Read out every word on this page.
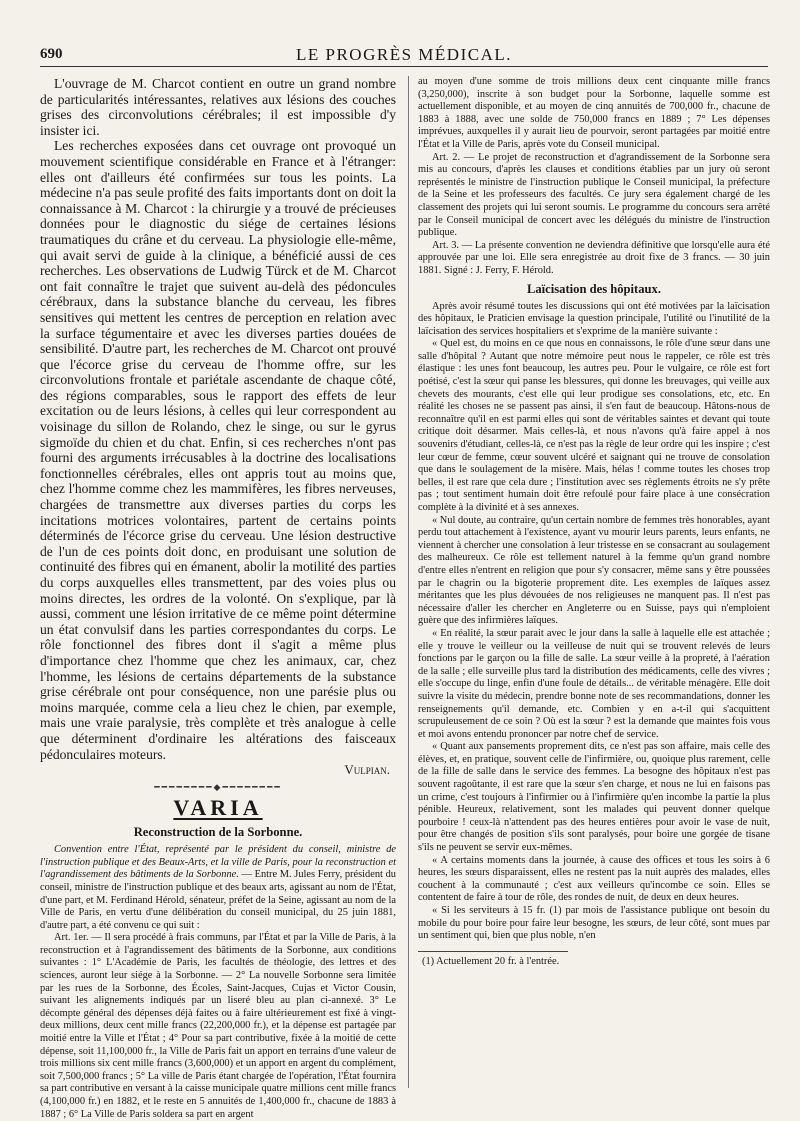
690	LE PROGRÈS MÉDICAL.

L'ouvrage de M. Charcot contient en outre un grand nombre de particularités intéressantes, relatives aux lésions des couches grises des circonvolutions cérébrales; il est impossible d'y insister ici.

Les recherches exposées dans cet ouvrage ont provoqué un mouvement scientifique considérable en France et à l'étranger: elles ont d'ailleurs été confirmées sur tous les points. La médecine n'a pas seule profité des faits importants dont on doit la connaissance à M. Charcot : la chirurgie y a trouvé de précieuses données pour le diagnostic du siége de certaines lésions traumatiques du crâne et du cerveau. La physiologie elle-même, qui avait servi de guide à la clinique, a bénéficié aussi de ces recherches. Les observations de Ludwig Türck et de M. Charcot ont fait connaître le trajet que suivent au-delà des pédoncules cérébraux, dans la substance blanche du cerveau, les fibres sensitives qui mettent les centres de perception en relation avec la surface tégumentaire et avec les diverses parties douées de sensibilité. D'autre part, les recherches de M. Charcot ont prouvé que l'écorce grise du cerveau de l'homme offre, sur les circonvolutions frontale et pariétale ascendante de chaque côté, des régions comparables, sous le rapport des effets de leur excitation ou de leurs lésions, à celles qui leur correspondent au voisinage du sillon de Rolando, chez le singe, ou sur le gyrus sigmoïde du chien et du chat. Enfin, si ces recherches n'ont pas fourni des arguments irrécusables à la doctrine des localisations fonctionnelles cérébrales, elles ont appris tout au moins que, chez l'homme comme chez les mammifères, les fibres nerveuses, chargées de transmettre aux diverses parties du corps les incitations motrices volontaires, partent de certains points déterminés de l'écorce grise du cerveau. Une lésion destructive de l'un de ces points doit donc, en produisant une solution de continuité des fibres qui en émanent, abolir la motilité des parties du corps auxquelles elles transmettent, par des voies plus ou moins directes, les ordres de la volonté. On s'explique, par là aussi, comment une lésion irritative de ce même point détermine un état convulsif dans les parties correspondantes du corps. Le rôle fonctionnel des fibres dont il s'agit a même plus d'importance chez l'homme que chez les animaux, car, chez l'homme, les lésions de certains départements de la substance grise cérébrale ont pour conséquence, non une parésie plus ou moins marquée, comme cela a lieu chez le chien, par exemple, mais une vraie paralysie, très complète et très analogue à celle que déterminent d'ordinaire les altérations des faisceaux pédonculaires moteurs.

Vulpian.

━━━━━━━━◆━━━━━━━━
VARIA
Reconstruction de la Sorbonne.

Convention entre l'État, représenté par le président du conseil, ministre de l'instruction publique et des Beaux-Arts, et la ville de Paris, pour la reconstruction et l'agrandissement des bâtiments de la Sorbonne. — Entre M. Jules Ferry, président du conseil, ministre de l'instruction publique et des beaux arts, agissant au nom de l'État, d'une part, et M. Ferdinand Hérold, sénateur, préfet de la Seine, agissant au nom de la Ville de Paris, en vertu d'une délibération du conseil municipal, du 25 juin 1881, d'autre part, a été convenu ce qui suit :

Art. 1er. — Il sera procédé à frais communs, par l'État et par la Ville de Paris, à la reconstruction et à l'agrandissement des bâtiments de la Sorbonne, aux conditions suivantes : 1° L'Académie de Paris, les facultés de théologie, des lettres et des sciences, auront leur siége à la Sorbonne. — 2° La nouvelle Sorbonne sera limitée par les rues de la Sorbonne, des Écoles, Saint-Jacques, Cujas et Victor Cousin, suivant les alignements indiqués par un liseré bleu au plan ci-annexé. 3° Le décompte général des dépenses déjà faites ou à faire ultérieurement est fixé à vingt-deux millions, deux cent mille francs (22,200,000 fr.), et la dépense est partagée par moitié entre la Ville et l'État ; 4° Pour sa part contributive, fixée à la moitié de cette dépense, soit 11,100,000 fr., la Ville de Paris fait un apport en terrains d'une valeur de trois millions six cent mille francs (3,600,000) et un apport en argent du complément, soit 7,500,000 francs ; 5° La ville de Paris étant chargée de l'opération, l'État fournira sa part contributive en versant à la caisse municipale quatre millions cent mille francs (4,100,000 fr.) en 1882, et le reste en 5 annuités de 1,400,000 fr., chacune de 1883 à 1887 ; 6° La Ville de Paris soldera sa part en argent

au moyen d'une somme de trois millions deux cent cinquante mille francs (3,250,000), inscrite à son budget pour la Sorbonne, laquelle somme est actuellement disponible, et au moyen de cinq annuités de 700,000 fr., chacune de 1883 à 1888, avec une solde de 750,000 francs en 1889 ; 7° Les dépenses imprévues, auxquelles il y aurait lieu de pourvoir, seront partagées par moitié entre l'État et la Ville de Paris, après vote du Conseil municipal.

Art. 2. — Le projet de reconstruction et d'agrandissement de la Sorbonne sera mis au concours, d'après les clauses et conditions établies par un jury où seront représentés le ministre de l'instruction publique le Conseil municipal, la préfecture de la Seine et les professeurs des facultés. Ce jury sera également chargé de les classement des projets qui lui seront soumis. Le programme du concours sera arrêté par le Conseil municipal de concert avec les délégués du ministre de l'instruction publique.

Art. 3. — La présente convention ne deviendra définitive que lorsqu'elle aura été approuvée par une loi. Elle sera enregistrée au droit fixe de 3 francs. — 30 juin 1881. Signé : J. Ferry, F. Hérold.

Laïcisation des hôpitaux.

Après avoir résumé toutes les discussions qui ont été motivées par la laïcisation des hôpitaux, le Praticien envisage la question principale, l'utilité ou l'inutilité de la laïcisation des services hospitaliers et s'exprime de la manière suivante :

« Quel est, du moins en ce que nous en connaissons, le rôle d'une sœur dans une salle d'hôpital ? Autant que notre mémoire peut nous le rappeler, ce rôle est très élastique : les unes font beaucoup, les autres peu. Pour le vulgaire, ce rôle est fort poétisé, c'est la sœur qui panse les blessures, qui donne les breuvages, qui veille aux chevets des mourants, c'est elle qui leur prodigue ses consolations, etc, etc. En réalité les choses ne se passent pas ainsi, il s'en faut de beaucoup. Hâtons-nous de reconnaître qu'il en est parmi elles qui sont de véritables saintes et devant qui toute critique doit désarmer. Mais celles-là, et nous n'avons qu'à faire appel à nos souvenirs d'étudiant, celles-là, ce n'est pas la règle de leur ordre qui les inspire ; c'est leur cœur de femme, cœur souvent ulcéré et saignant qui ne trouve de consolation que dans le soulagement de la misère. Mais, hélas ! comme toutes les choses trop belles, il est rare que cela dure ; l'institution avec ses règlements étroits ne s'y prête pas ; tout sentiment humain doit être refoulé pour faire place à une consécration complète à la divinité et à ses annexes.

« Nul doute, au contraire, qu'un certain nombre de femmes très honorables, ayant perdu tout attachement à l'existence, ayant vu mourir leurs parents, leurs enfants, ne viennent à chercher une consolation à leur tristesse en se consacrant au soulagement des malheureux. Ce rôle est tellement naturel à la femme qu'un grand nombre d'entre elles n'entrent en religion que pour s'y consacrer, même sans y être poussées par le chagrin ou la bigoterie proprement dite. Les exemples de laïques assez méritantes que les plus dévouées de nos religieuses ne manquent pas. Il n'est pas nécessaire d'aller les chercher en Angleterre ou en Suisse, pays qui n'emploient guère que des infirmières laïques.

« En réalité, la sœur parait avec le jour dans la salle à laquelle elle est attachée ; elle y trouve le veilleur ou la veilleuse de nuit qui se trouvent relevés de leurs fonctions par le garçon ou la fille de salle. La sœur veille à la propreté, à l'aération de la salle ; elle surveille plus tard la distribution des médicaments, celle des vivres ; elle s'occupe du linge, enfin d'une foule de détails... de véritable ménagère. Elle doit suivre la visite du médecin, prendre bonne note de ses recommandations, donner les renseignements qu'il demande, etc. Combien y en a-t-il qui s'acquittent scrupuleusement de ce soin ? Où est la sœur ? est la demande que maintes fois vous et moi avons entendu prononcer par notre chef de service.

« Quant aux pansements proprement dits, ce n'est pas son affaire, mais celle des élèves, et, en pratique, souvent celle de l'infirmière, ou, quoique plus rarement, celle de la fille de salle dans le service des femmes. La besogne des hôpitaux n'est pas souvent ragoûtante, il est rare que la sœur s'en charge, et nous ne lui en faisons pas un crime, c'est toujours à l'infirmier ou à l'infirmière qu'en incombe la partie la plus pénible. Heureux, relativement, sont les malades qui peuvent donner quelque pourboire ! ceux-là n'attendent pas des heures entières pour avoir le vase de nuit, pour être changés de position s'ils sont paralysés, pour boire une gorgée de tisane s'ils ne peuvent se servir eux-mêmes.

« A certains moments dans la journée, à cause des offices et tous les soirs à 6 heures, les sœurs disparaissent, elles ne restent pas la nuit auprès des malades, elles couchent à la communauté ; c'est aux veilleurs qu'incombe ce soin. Elles se contentent de faire à tour de rôle, des rondes de nuit, de deux en deux heures.

« Si les serviteurs à 15 fr. (1) par mois de l'assistance publique ont besoin du mobile du pour boire pour faire leur besogne, les sœurs, de leur côté, sont mues par un sentiment qui, bien que plus noble, n'en

(1) Actuellement 20 fr. à l'entrée.
